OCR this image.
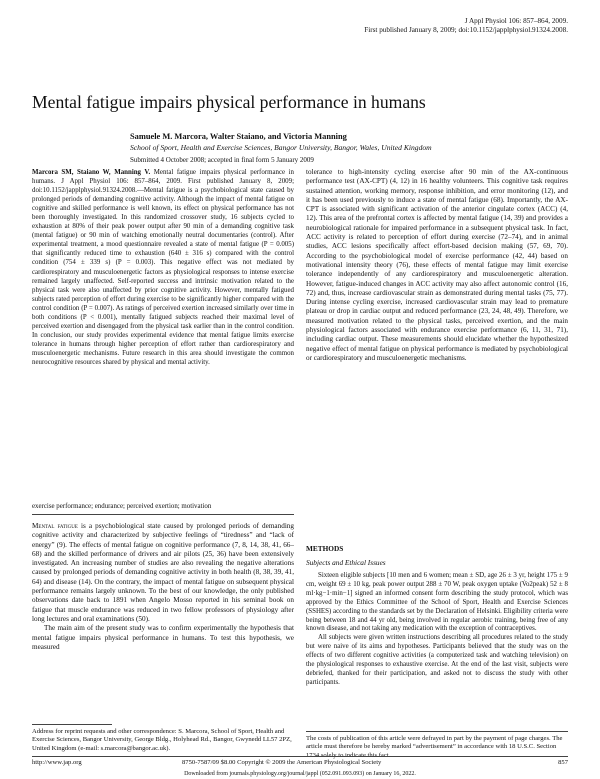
J Appl Physiol 106: 857–864, 2009.
First published January 8, 2009; doi:10.1152/japplphysiol.91324.2008.
Mental fatigue impairs physical performance in humans
Samuele M. Marcora, Walter Staiano, and Victoria Manning
School of Sport, Health and Exercise Sciences, Bangor University, Bangor, Wales, United Kingdom
Submitted 4 October 2008; accepted in final form 5 January 2009
Marcora SM, Staiano W, Manning V. Mental fatigue impairs physical performance in humans. J Appl Physiol 106: 857–864, 2009. First published January 8, 2009; doi:10.1152/japplphysiol.91324.2008.—Mental fatigue is a psychobiological state caused by prolonged periods of demanding cognitive activity. Although the impact of mental fatigue on cognitive and skilled performance is well known, its effect on physical performance has not been thoroughly investigated. In this randomized crossover study, 16 subjects cycled to exhaustion at 80% of their peak power output after 90 min of a demanding cognitive task (mental fatigue) or 90 min of watching emotionally neutral documentaries (control). After experimental treatment, a mood questionnaire revealed a state of mental fatigue (P = 0.005) that significantly reduced time to exhaustion (640 ± 316 s) compared with the control condition (754 ± 339 s) (P = 0.003). This negative effect was not mediated by cardiorespiratory and musculoenergetic factors as physiological responses to intense exercise remained largely unaffected. Self-reported success and intrinsic motivation related to the physical task were also unaffected by prior cognitive activity. However, mentally fatigued subjects rated perception of effort during exercise to be significantly higher compared with the control condition (P = 0.007). As ratings of perceived exertion increased similarly over time in both conditions (P < 0.001), mentally fatigued subjects reached their maximal level of perceived exertion and disengaged from the physical task earlier than in the control condition. In conclusion, our study provides experimental evidence that mental fatigue limits exercise tolerance in humans through higher perception of effort rather than cardiorespiratory and musculoenergetic mechanisms. Future research in this area should investigate the common neurocognitive resources shared by physical and mental activity.
exercise performance; endurance; perceived exertion; motivation

Mental fatigue is a psychobiological state caused by prolonged periods of demanding cognitive activity and characterized by subjective feelings of “tiredness” and “lack of energy” (9). The effects of mental fatigue on cognitive performance (7, 8, 14, 38, 41, 66–68) and the skilled performance of drivers and air pilots (25, 36) have been extensively investigated. An increasing number of studies are also revealing the negative alterations caused by prolonged periods of demanding cognitive activity in both health (8, 38, 39, 41, 64) and disease (14). On the contrary, the impact of mental fatigue on subsequent physical performance remains largely unknown. To the best of our knowledge, the only published observations date back to 1891 when Angelo Mosso reported in his seminal book on fatigue that muscle endurance was reduced in two fellow professors of physiology after long lectures and oral examinations (50).

The main aim of the present study was to confirm experimentally the hypothesis that mental fatigue impairs physical performance in humans. To test this hypothesis, we measured

tolerance to high-intensity cycling exercise after 90 min of the AX-continuous performance test (AX-CPT) (4, 12) in 16 healthy volunteers. This cognitive task requires sustained attention, working memory, response inhibition, and error monitoring (12), and it has been used previously to induce a state of mental fatigue (68). Importantly, the AX-CPT is associated with significant activation of the anterior cingulate cortex (ACC) (4, 12). This area of the prefrontal cortex is affected by mental fatigue (14, 39) and provides a neurobiological rationale for impaired performance in a subsequent physical task. In fact, ACC activity is related to perception of effort during exercise (72–74), and in animal studies, ACC lesions specifically affect effort-based decision making (57, 69, 70). According to the psychobiological model of exercise performance (42, 44) based on motivational intensity theory (76), these effects of mental fatigue may limit exercise tolerance independently of any cardiorespiratory and musculoenergetic alteration. However, fatigue-induced changes in ACC activity may also affect autonomic control (16, 72) and, thus, increase cardiovascular strain as demonstrated during mental tasks (75, 77). During intense cycling exercise, increased cardiovascular strain may lead to premature plateau or drop in cardiac output and reduced performance (23, 24, 48, 49). Therefore, we measured motivation related to the physical tasks, perceived exertion, and the main physiological factors associated with endurance exercise performance (6, 11, 31, 71), including cardiac output. These measurements should elucidate whether the hypothesized negative effect of mental fatigue on physical performance is mediated by psychobiological or cardiorespiratory and musculoenergetic mechanisms.

METHODS
Subjects and Ethical Issues

Sixteen eligible subjects [10 men and 6 women; mean ± SD, age 26 ± 3 yr, height 175 ± 9 cm, weight 69 ± 10 kg, peak power output 288 ± 70 W, peak oxygen uptake (V̇o2peak) 52 ± 8 ml·kg−1·min−1] signed an informed consent form describing the study protocol, which was approved by the Ethics Committee of the School of Sport, Health and Exercise Sciences (SSHES) according to the standards set by the Declaration of Helsinki. Eligibility criteria were being between 18 and 44 yr old, being involved in regular aerobic training, being free of any known disease, and not taking any medication with the exception of contraceptives.

All subjects were given written instructions describing all procedures related to the study but were naive of its aims and hypotheses. Participants believed that the study was on the effects of two different cognitive activities (a computerized task and watching television) on the physiological responses to exhaustive exercise. At the end of the last visit, subjects were debriefed, thanked for their participation, and asked not to discuss the study with other participants.

Address for reprint requests and other correspondence: S. Marcora, School of Sport, Health and Exercise Sciences, Bangor University, George Bldg., Holyhead Rd., Bangor, Gwynedd LL57 2PZ, United Kingdom (e-mail: s.marcora@bangor.ac.uk).
The costs of publication of this article were defrayed in part by the payment of page charges. The article must therefore be hereby marked “advertisement” in accordance with 18 U.S.C. Section 1734 solely to indicate this fact.
http://www.jap.org	8750-7587/09 $8.00 Copyright © 2009 the American Physiological Society	857
Downloaded from journals.physiology.org/journal/jappl (052.091.093.093) on January 16, 2022.
